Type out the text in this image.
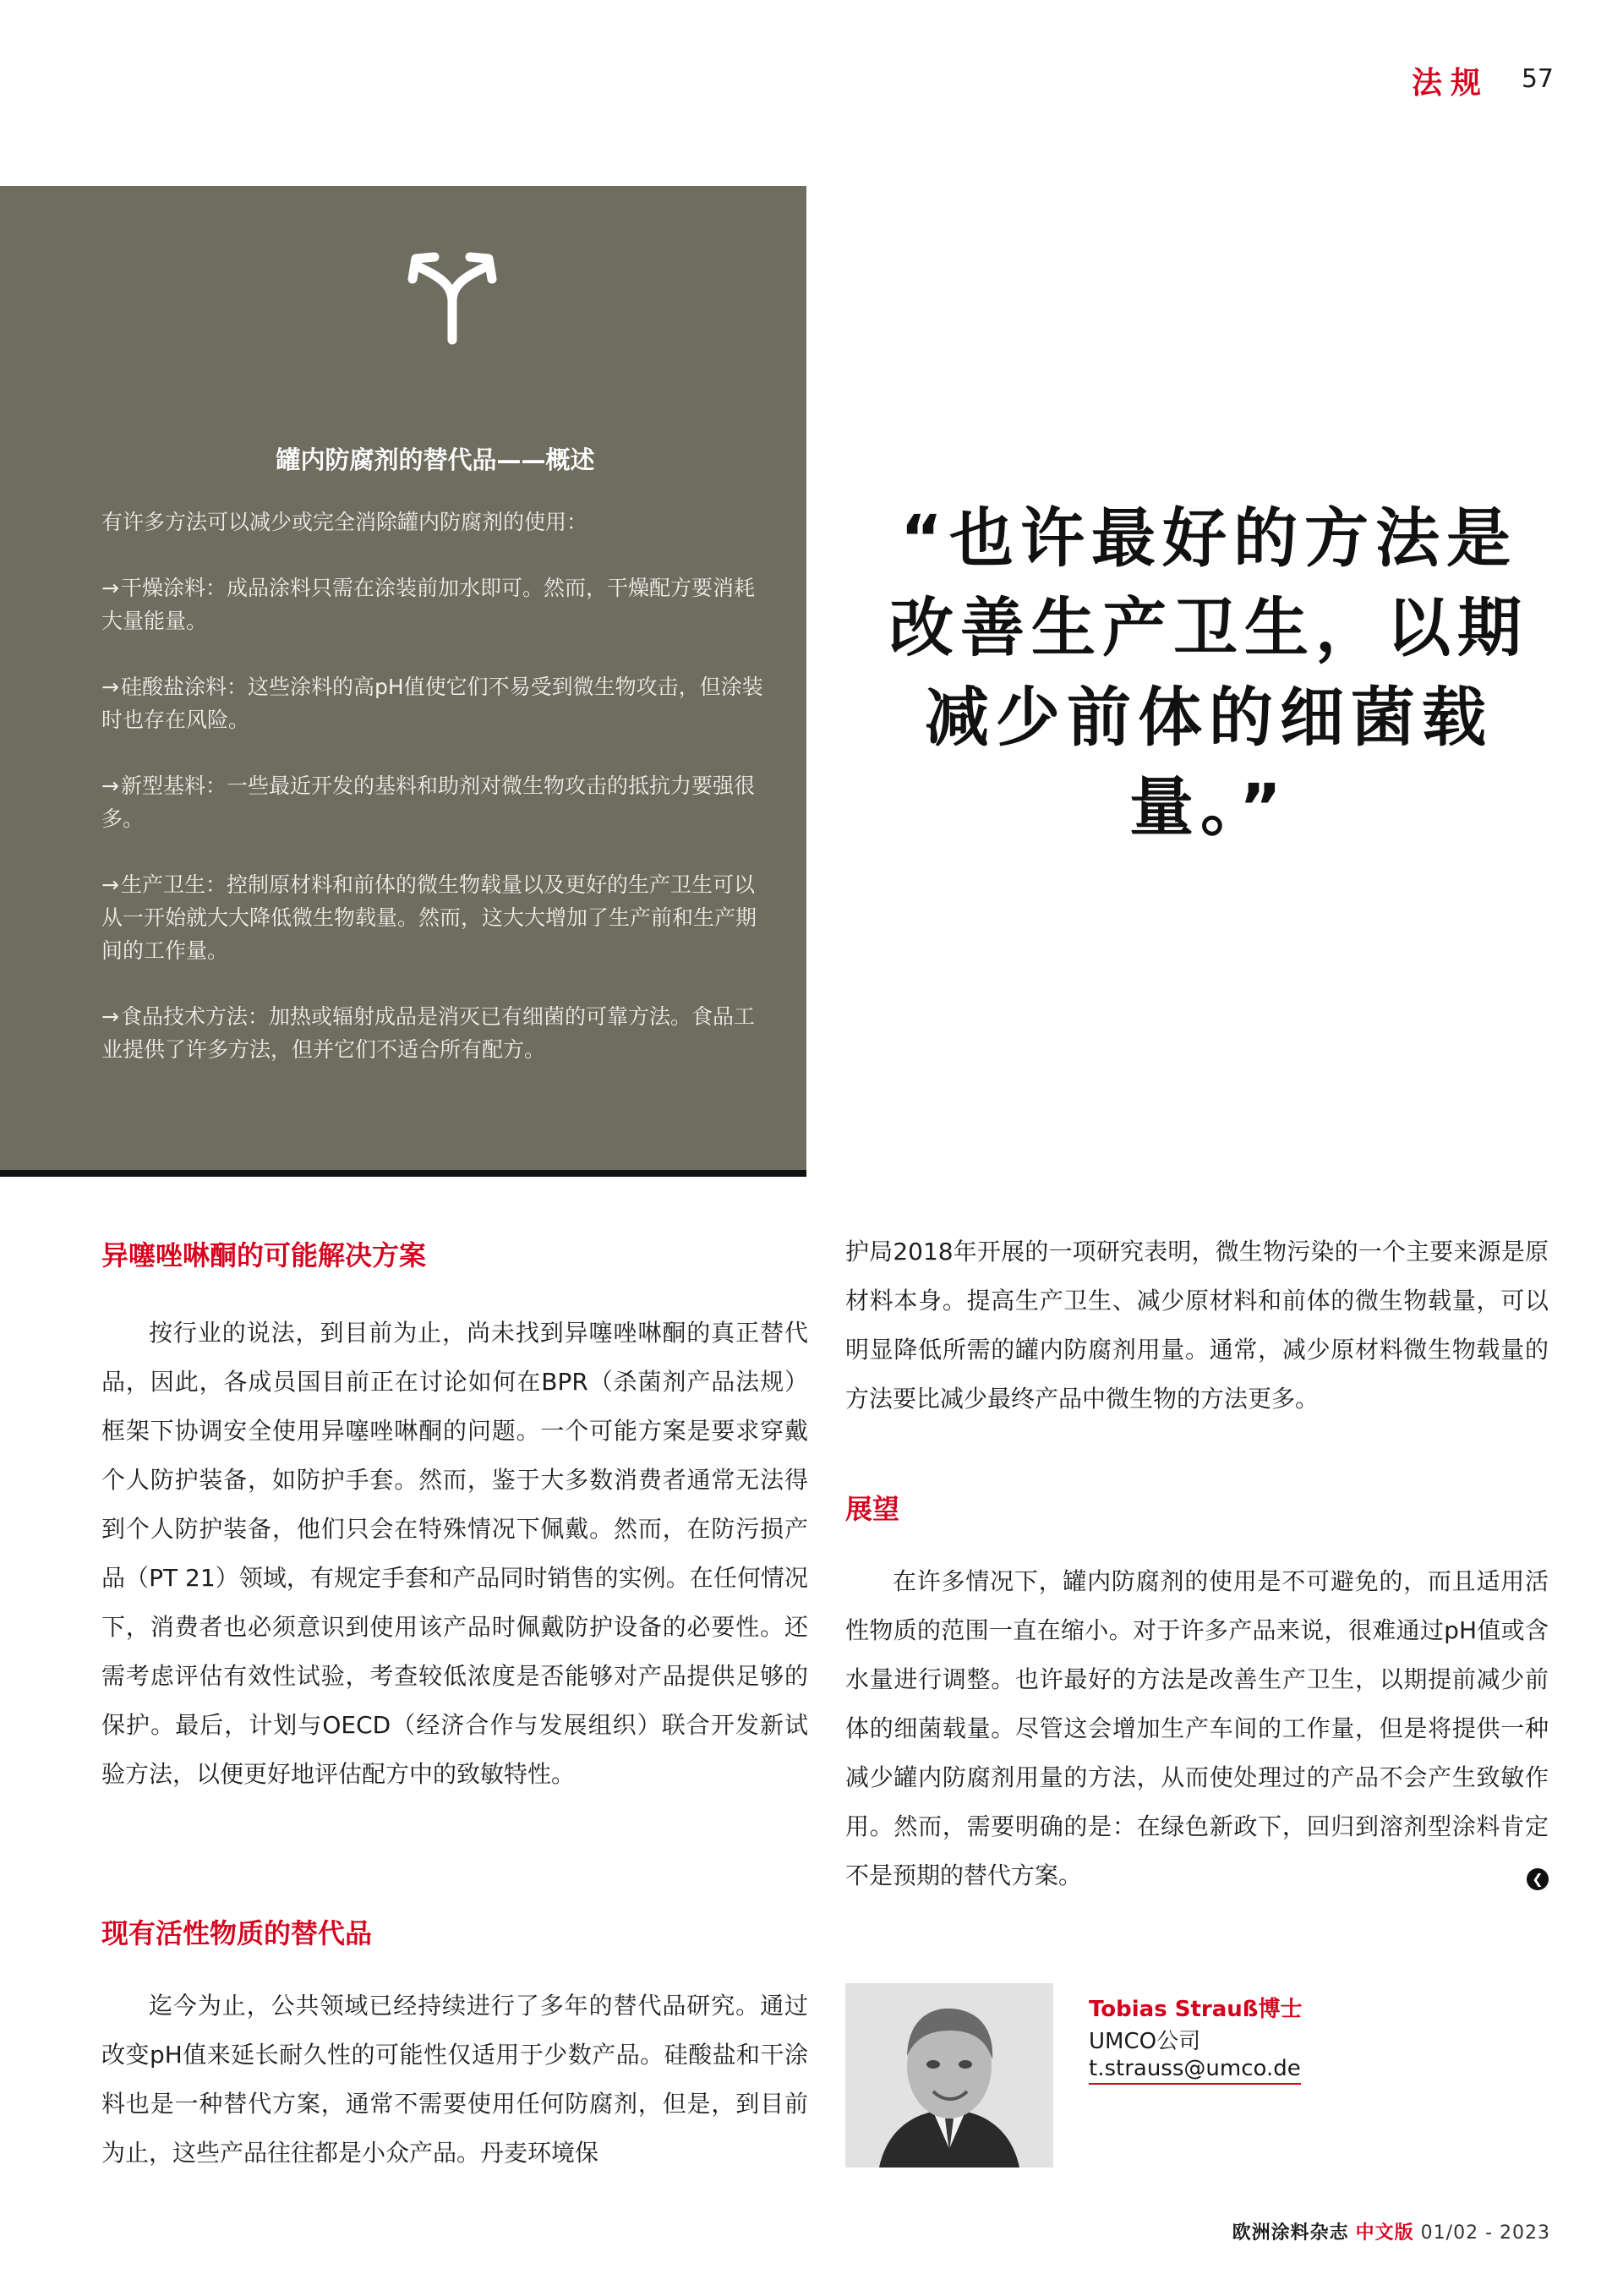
法规 57
罐内防腐剂的替代品——概述

有许多方法可以减少或完全消除罐内防腐剂的使用：

→干燥涂料：成品涂料只需在涂装前加水即可。然而，干燥配方要消耗大量能量。

→硅酸盐涂料：这些涂料的高pH值使它们不易受到微生物攻击，但涂装时也存在风险。

→新型基料：一些最近开发的基料和助剂对微生物攻击的抵抗力要强很多。

→生产卫生：控制原材料和前体的微生物载量以及更好的生产卫生可以从一开始就大大降低微生物载量。然而，这大大增加了生产前和生产期间的工作量。

→食品技术方法：加热或辐射成品是消灭已有细菌的可靠方法。食品工业提供了许多方法，但并它们不适合所有配方。

“也许最好的方法是改善生产卫生，以期减少前体的细菌载量。”
异噻唑啉酮的可能解决方案

按行业的说法，到目前为止，尚未找到异噻唑啉酮的真正替代品，因此，各成员国目前正在讨论如何在BPR（杀菌剂产品法规）框架下协调安全使用异噻唑啉酮的问题。一个可能方案是要求穿戴个人防护装备，如防护手套。然而，鉴于大多数消费者通常无法得到个人防护装备，他们只会在特殊情况下佩戴。然而，在防污损产品（PT 21）领域，有规定手套和产品同时销售的实例。在任何情况下，消费者也必须意识到使用该产品时佩戴防护设备的必要性。还需考虑评估有效性试验，考查较低浓度是否能够对产品提供足够的保护。最后，计划与OECD（经济合作与发展组织）联合开发新试验方法，以便更好地评估配方中的致敏特性。

现有活性物质的替代品

迄今为止，公共领域已经持续进行了多年的替代品研究。通过改变pH值来延长耐久性的可能性仅适用于少数产品。硅酸盐和干涂料也是一种替代方案，通常不需要使用任何防腐剂，但是，到目前为止，这些产品往往都是小众产品。丹麦环境保

护局2018年开展的一项研究表明，微生物污染的一个主要来源是原材料本身。提高生产卫生、减少原材料和前体的微生物载量，可以明显降低所需的罐内防腐剂用量。通常，减少原材料微生物载量的方法要比减少最终产品中微生物的方法更多。

展望

在许多情况下，罐内防腐剂的使用是不可避免的，而且适用活性物质的范围一直在缩小。对于许多产品来说，很难通过pH值或含水量进行调整。也许最好的方法是改善生产卫生，以期提前减少前体的细菌载量。尽管这会增加生产车间的工作量，但是将提供一种减少罐内防腐剂用量的方法，从而使处理过的产品不会产生致敏作用。然而，需要明确的是：在绿色新政下，回归到溶剂型涂料肯定不是预期的替代方案。	❮
Tobias Strauß博士
UMCO公司
t.strauss@umco.de
欧洲涂料杂志 中文版 01/02 - 2023
